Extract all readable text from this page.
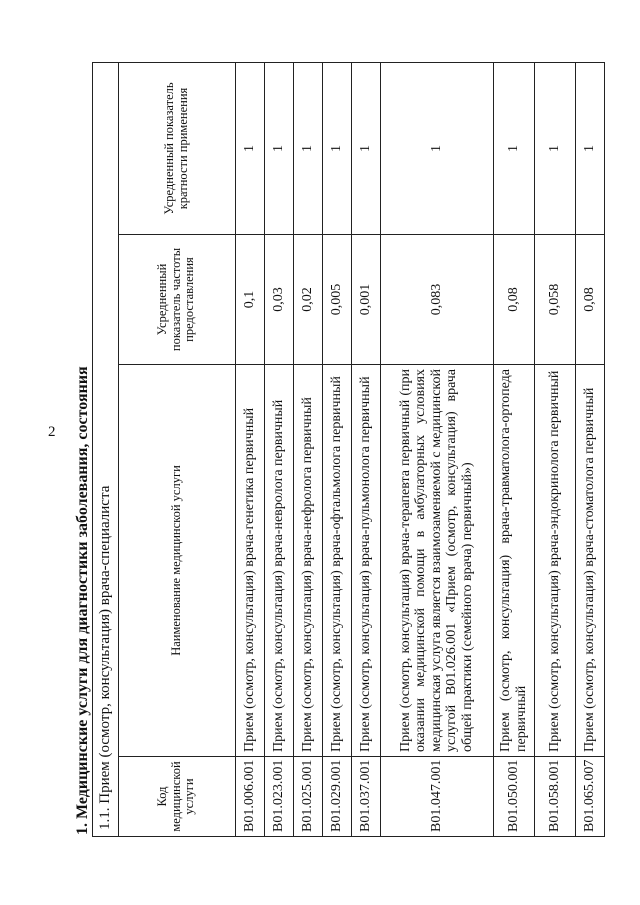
2 1. Медицинские услуги для диагностики заболевания, состояния 1.1. Прием (осмотр, консультация) врача-специалиста			
Код медицинской услуги	Наименование медицинской услуги	Усредненный показатель частоты предоставления	Усредненный показатель кратности применения
B01.006.001	Прием (осмотр, консультация) врача-генетика первичный	0,1	1
B01.023.001	Прием (осмотр, консультация) врача-невролога первичный	0,03	1
B01.025.001	Прием (осмотр, консультация) врача-нефролога первичный	0,02	1
B01.029.001	Прием (осмотр, консультация) врача-офтальмолога первичный	0,005	1
B01.037.001	Прием (осмотр, консультация) врача-пульмонолога первичный	0,001	1
B01.047.001	Прием (осмотр, консультация) врача-терапевта первичный (при оказании медицинской помощи в амбулаторных условиях медицинская услуга является взаимозаменяемой с медицинской услугой B01.026.001 «Прием (осмотр, консультация) врача общей практики (семейного врача) первичный»)	0,083	1
B01.050.001	Прием (осмотр, консультация) врача-травматолога-ортопеда первичный	0,08	1
B01.058.001	Прием (осмотр, консультация) врача-эндокринолога первичный	0,058	1
B01.065.007	Прием (осмотр, консультация) врача-стоматолога первичный	0,08	1
